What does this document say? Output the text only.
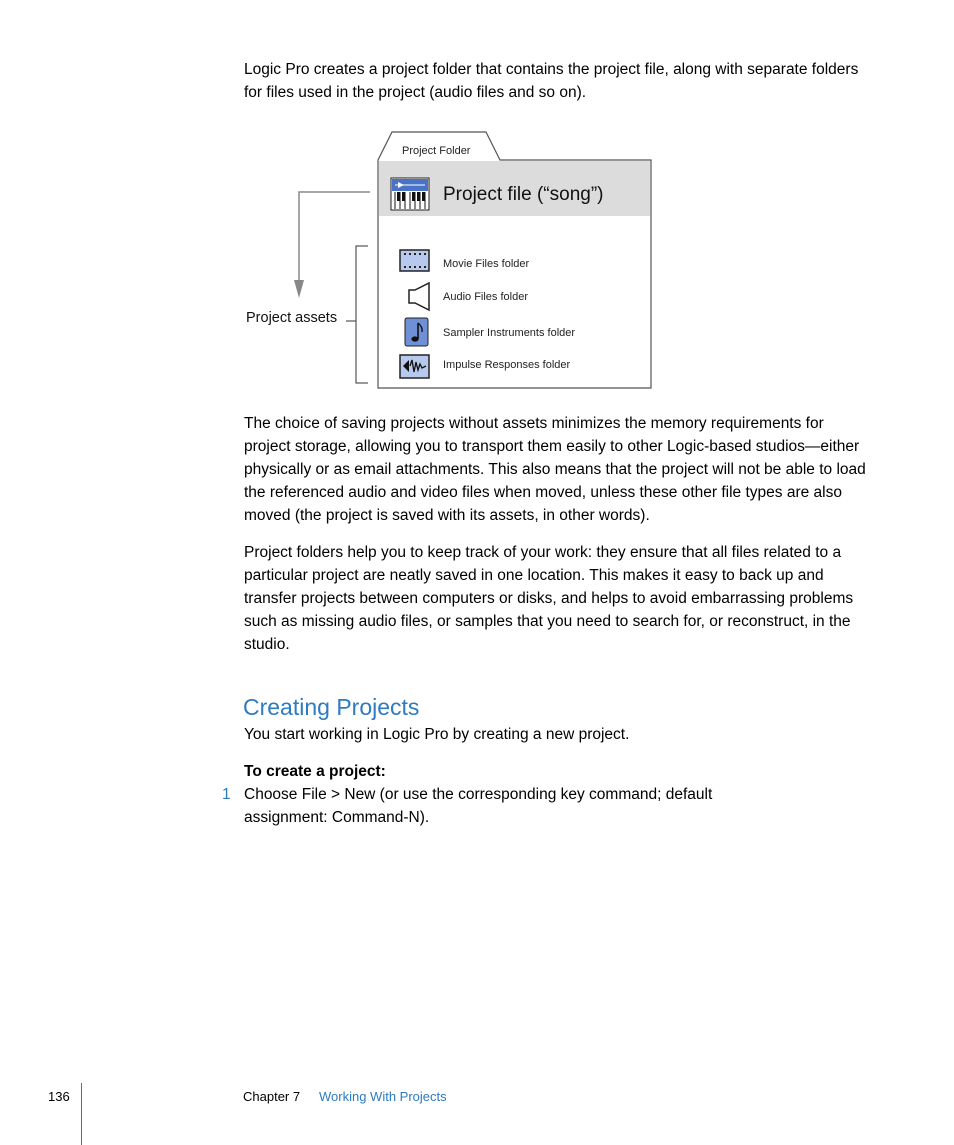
Logic Pro creates a project folder that contains the project file, along with separate folders for files used in the project (audio files and so on).

Project Folder
Project file (“song”)
Movie Files folder
Audio Files folder
Sampler Instruments folder
Impulse Responses folder
Project assets

The choice of saving projects without assets minimizes the memory requirements for project storage, allowing you to transport them easily to other Logic-based studios—either physically or as email attachments. This also means that the project will not be able to load the referenced audio and video files when moved, unless these other file types are also moved (the project is saved with its assets, in other words).

Project folders help you to keep track of your work: they ensure that all files related to a particular project are neatly saved in one location. This makes it easy to back up and transfer projects between computers or disks, and helps to avoid embarrassing problems such as missing audio files, or samples that you need to search for, or reconstruct, in the studio.

Creating Projects

You start working in Logic Pro by creating a new project.

To create a project:

1 Choose File > New (or use the corresponding key command; default assignment: Command-N).

136	Chapter 7 Working With Projects
